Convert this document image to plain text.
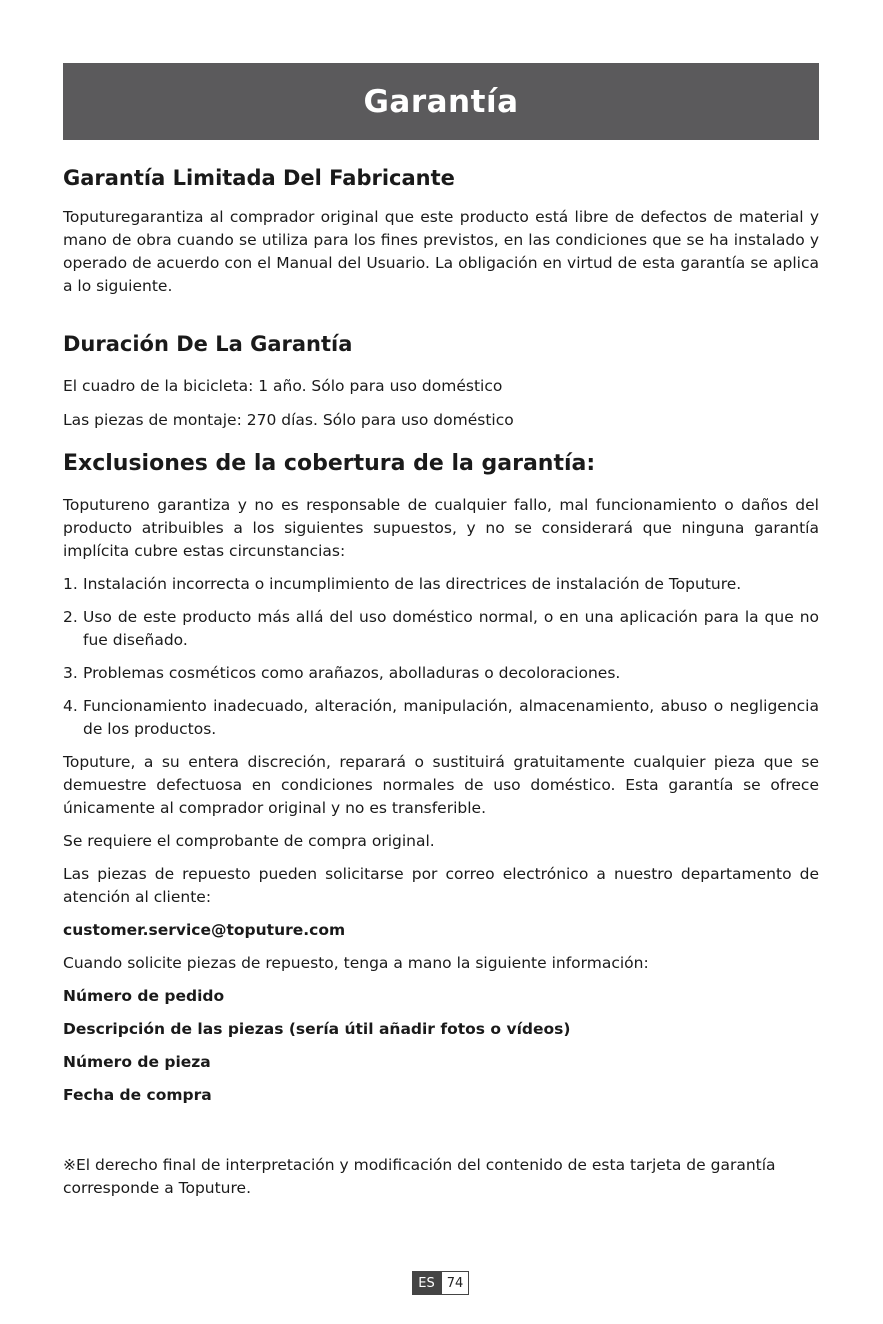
Garantía
Garantía Limitada Del Fabricante

Toputuregarantiza al comprador original que este producto está libre de defectos de material y mano de obra cuando se utiliza para los fines previstos, en las condiciones que se ha instalado y operado de acuerdo con el Manual del Usuario. La obligación en virtud de esta garantía se aplica a lo siguiente.

Duración De La Garantía

El cuadro de la bicicleta: 1 año. Sólo para uso doméstico

Las piezas de montaje: 270 días. Sólo para uso doméstico

Exclusiones de la cobertura de la garantía:

Toputureno garantiza y no es responsable de cualquier fallo, mal funcionamiento o daños del producto atribuibles a los siguientes supuestos, y no se considerará que ninguna garantía implícita cubre estas circunstancias:

1. Instalación incorrecta o incumplimiento de las directrices de instalación de Toputure.
2. Uso de este producto más allá del uso doméstico normal, o en una aplicación para la que no fue diseñado.
3. Problemas cosméticos como arañazos, abolladuras o decoloraciones.
4. Funcionamiento inadecuado, alteración, manipulación, almacenamiento, abuso o negligencia de los productos.

Toputure, a su entera discreción, reparará o sustituirá gratuitamente cualquier pieza que se demuestre defectuosa en condiciones normales de uso doméstico. Esta garantía se ofrece únicamente al comprador original y no es transferible.

Se requiere el comprobante de compra original.

Las piezas de repuesto pueden solicitarse por correo electrónico a nuestro departamento de atención al cliente:

customer.service@toputure.com

Cuando solicite piezas de repuesto, tenga a mano la siguiente información:

Número de pedido

Descripción de las piezas (sería útil añadir fotos o vídeos)

Número de pieza

Fecha de compra

※El derecho final de interpretación y modificación del contenido de esta tarjeta de garantía corresponde a Toputure.

ES 74
